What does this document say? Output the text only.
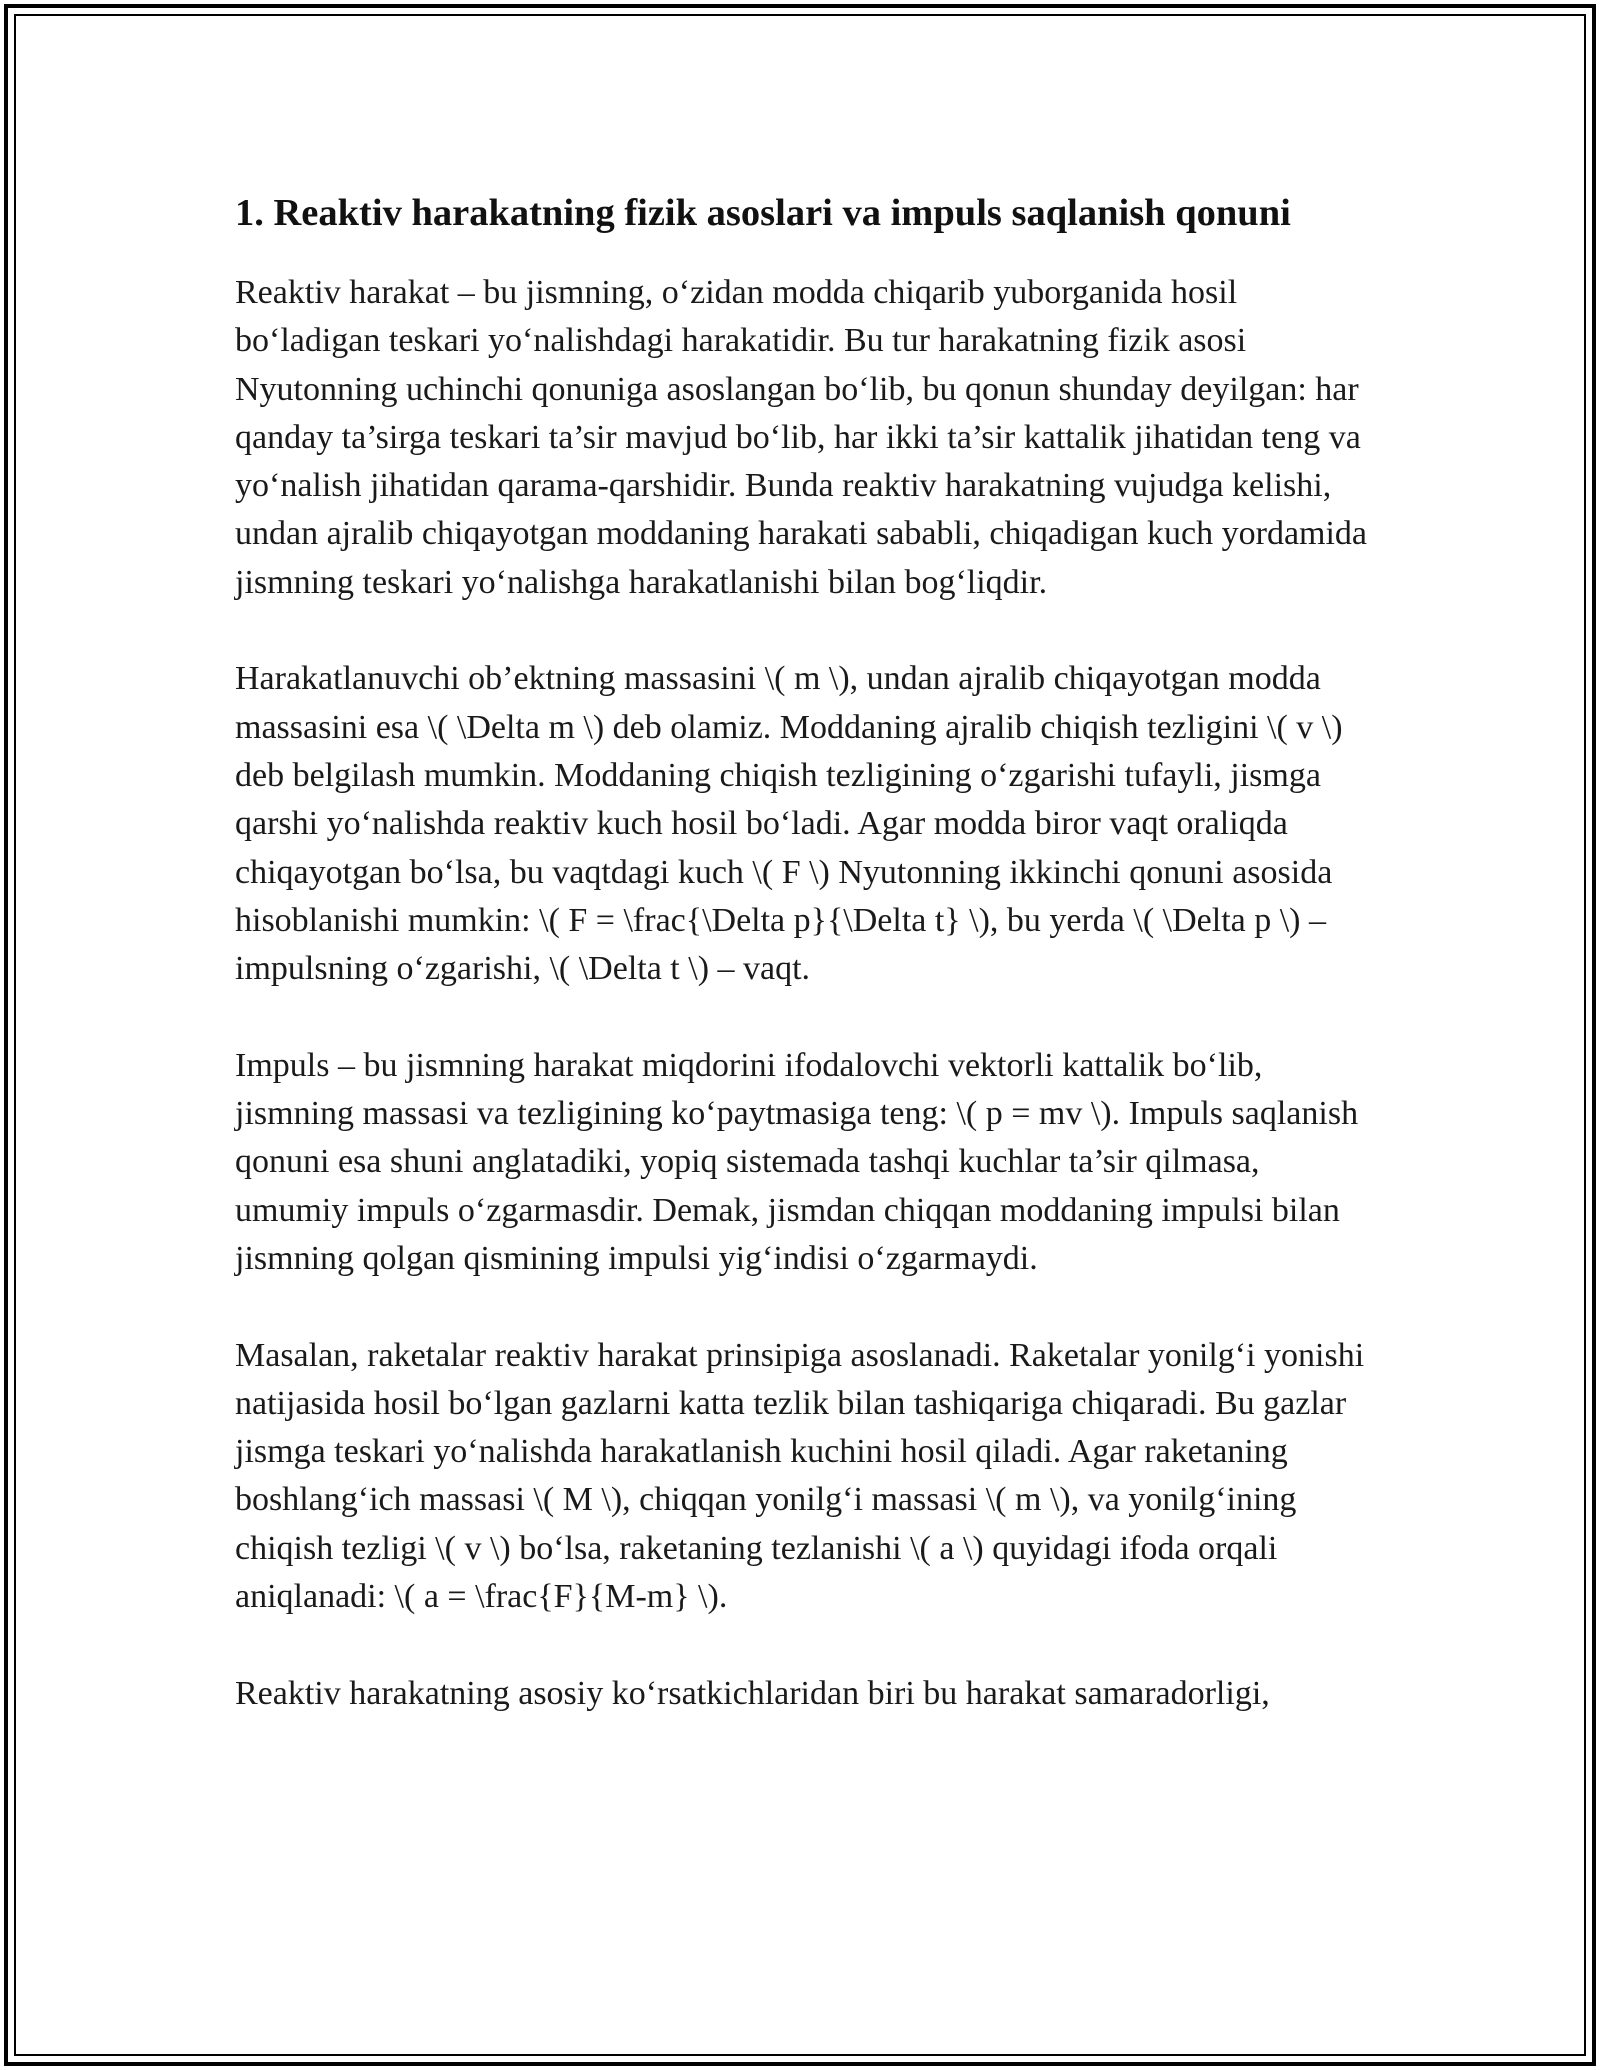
1. Reaktiv harakatning fizik asoslari va impuls saqlanish qonuni

Reaktiv harakat – bu jismning, oʻzidan modda chiqarib yuborganida hosil boʻladigan teskari yoʻnalishdagi harakatidir. Bu tur harakatning fizik asosi Nyutonning uchinchi qonuniga asoslangan boʻlib, bu qonun shunday deyilgan: har qanday ta’sirga teskari ta’sir mavjud boʻlib, har ikki ta’sir kattalik jihatidan teng va yoʻnalish jihatidan qarama-qarshidir. Bunda reaktiv harakatning vujudga kelishi, undan ajralib chiqayotgan moddaning harakati sababli, chiqadigan kuch yordamida jismning teskari yoʻnalishga harakatlanishi bilan bogʻliqdir.

Harakatlanuvchi ob’ektning massasini \( m \), undan ajralib chiqayotgan modda massasini esa \( \Delta m \) deb olamiz. Moddaning ajralib chiqish tezligini \( v \) deb belgilash mumkin. Moddaning chiqish tezligining oʻzgarishi tufayli, jismga qarshi yoʻnalishda reaktiv kuch hosil boʻladi. Agar modda biror vaqt oraliqda chiqayotgan boʻlsa, bu vaqtdagi kuch \( F \) Nyutonning ikkinchi qonuni asosida hisoblanishi mumkin: \( F = \frac{\Delta p}{\Delta t} \), bu yerda \( \Delta p \) – impulsning oʻzgarishi, \( \Delta t \) – vaqt.

Impuls – bu jismning harakat miqdorini ifodalovchi vektorli kattalik boʻlib, jismning massasi va tezligining koʻpaytmasiga teng: \( p = mv \). Impuls saqlanish qonuni esa shuni anglatadiki, yopiq sistemada tashqi kuchlar ta’sir qilmasa, umumiy impuls oʻzgarmasdir. Demak, jismdan chiqqan moddaning impulsi bilan jismning qolgan qismining impulsi yigʻindisi oʻzgarmaydi.

Masalan, raketalar reaktiv harakat prinsipiga asoslanadi. Raketalar yonilgʻi yonishi natijasida hosil boʻlgan gazlarni katta tezlik bilan tashiqariga chiqaradi. Bu gazlar jismga teskari yoʻnalishda harakatlanish kuchini hosil qiladi. Agar raketaning boshlangʻich massasi \( M \), chiqqan yonilgʻi massasi \( m \), va yonilgʻining chiqish tezligi \( v \) boʻlsa, raketaning tezlanishi \( a \) quyidagi ifoda orqali aniqlanadi: \( a = \frac{F}{M-m} \).

Reaktiv harakatning asosiy koʻrsatkichlaridan biri bu harakat samaradorligi,
